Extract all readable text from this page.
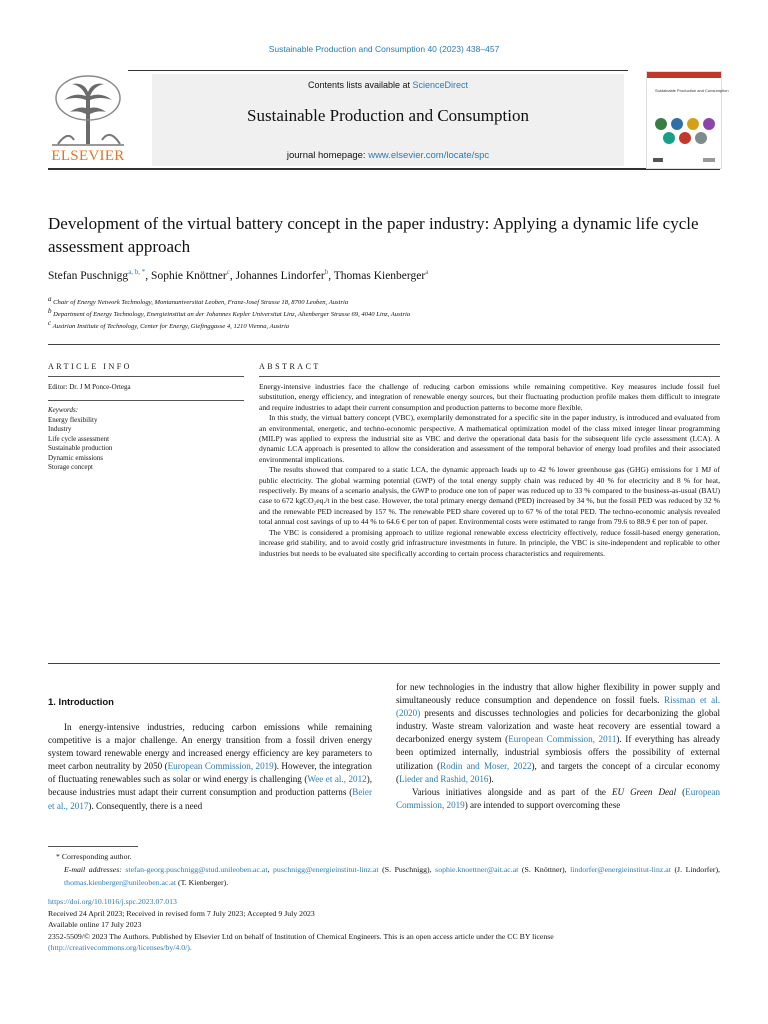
Sustainable Production and Consumption 40 (2023) 438–457
ELSEVIER
Contents lists available at ScienceDirect
Sustainable Production and Consumption
journal homepage: www.elsevier.com/locate/spc
Sustainable Production and Consumption
Development of the virtual battery concept in the paper industry: Applying a dynamic life cycle assessment approach
Stefan Puschnigg$^{a, b, *}$, Sophie Knöttner$^c$, Johannes Lindorfer$^b$, Thomas Kienberger$^a$
$^a$ Chair of Energy Network Technology, Montanuniversitat Leoben, Franz-Josef Strasse 18, 8700 Leoben, Austria
$^b$ Department of Energy Technology, Energieinstitut an der Johannes Kepler Universitat Linz, Altenberger Strasse 69, 4040 Linz, Austria
$^c$ Austrian Institute of Technology, Center for Energy, Giefinggasse 4, 1210 Vienna, Austria
ARTICLE INFO
Editor: Dr. J M Ponce-Ortega
Keywords:
Energy flexibility
Industry
Life cycle assessment
Sustainable production
Dynamic emissions
Storage concept
ABSTRACT

Energy-intensive industries face the challenge of reducing carbon emissions while remaining competitive. Key measures include fossil fuel substitution, energy efficiency, and integration of renewable energy sources, but their fluctuating production profile makes them difficult to integrate and require industries to adapt their current consumption and production patterns to become more flexible.

In this study, the virtual battery concept (VBC), exemplarily demonstrated for a specific site in the paper industry, is introduced and evaluated from an environmental, energetic, and techno-economic perspective. A mathematical optimization model of the class mixed integer linear programming (MILP) was applied to express the industrial site as VBC and derive the operational data basis for the subsequent life cycle assessment (LCA). A dynamic LCA approach is presented to allow the consideration and assessment of the temporal behavior of energy load profiles and their associated environmental implications.

The results showed that compared to a static LCA, the dynamic approach leads up to 42 % lower greenhouse gas (GHG) emissions for 1 MJ of public electricity. The global warming potential (GWP) of the total energy supply chain was reduced by 40 % for electricity and 8 % for heat, respectively. By means of a scenario analysis, the GWP to produce one ton of paper was reduced up to 33 % compared to the business-as-usual (BAU) case to 672 kgCO₂eq./t in the best case. However, the total primary energy demand (PED) increased by 34 %, but the fossil PED was reduced by 32 % and the renewable PED increased by 157 %. The renewable PED share covered up to 67 % of the total PED. The techno-economic analysis revealed total annual cost savings of up to 44 % to 64.6 € per ton of paper. Environmental costs were estimated to range from 79.6 to 88.9 € per ton of paper.

The VBC is considered a promising approach to utilize regional renewable excess electricity effectively, reduce fossil-based energy generation, increase grid stability, and to avoid costly grid infrastructure investments in future. In principle, the VBC is site-independent and replicable to other industries but needs to be evaluated site specifically according to certain process characteristics and requirements.

1. Introduction

In energy-intensive industries, reducing carbon emissions while remaining competitive is a major challenge. An energy transition from a fossil driven energy system toward renewable energy and increased energy efficiency are key parameters to meet carbon neutrality by 2050 (European Commission, 2019). However, the integration of fluctuating renewables such as solar or wind energy is challenging (Wee et al., 2012), because industries must adapt their current consumption and production patterns (Beier et al., 2017). Consequently, there is a need

for new technologies in the industry that allow higher flexibility in power supply and simultaneously reduce consumption and dependence on fossil fuels. Rissman et al. (2020) presents and discusses technologies and policies for decarbonizing the global industry. Waste stream valorization and waste heat recovery are essential toward a decarbonized energy system (European Commission, 2011). If everything has already been optimized internally, industrial symbiosis offers the possibility of external utilization (Rodin and Moser, 2022), and targets the concept of a circular economy (Lieder and Rashid, 2016).

Various initiatives alongside and as part of the EU Green Deal (European Commission, 2019) are intended to support overcoming these

* Corresponding author.

E-mail addresses: stefan-georg.puschnigg@stud.unileoben.ac.at, puschnigg@energieinstitut-linz.at (S. Puschnigg), sophie.knoettner@ait.ac.at (S. Knöttner), lindorfer@energieinstitut-linz.at (J. Lindorfer), thomas.kienberger@unileoben.ac.at (T. Kienberger).

https://doi.org/10.1016/j.spc.2023.07.013

Received 24 April 2023; Received in revised form 7 July 2023; Accepted 9 July 2023

Available online 17 July 2023

2352-5509/© 2023 The Authors. Published by Elsevier Ltd on behalf of Institution of Chemical Engineers. This is an open access article under the CC BY license

(http://creativecommons.org/licenses/by/4.0/).
